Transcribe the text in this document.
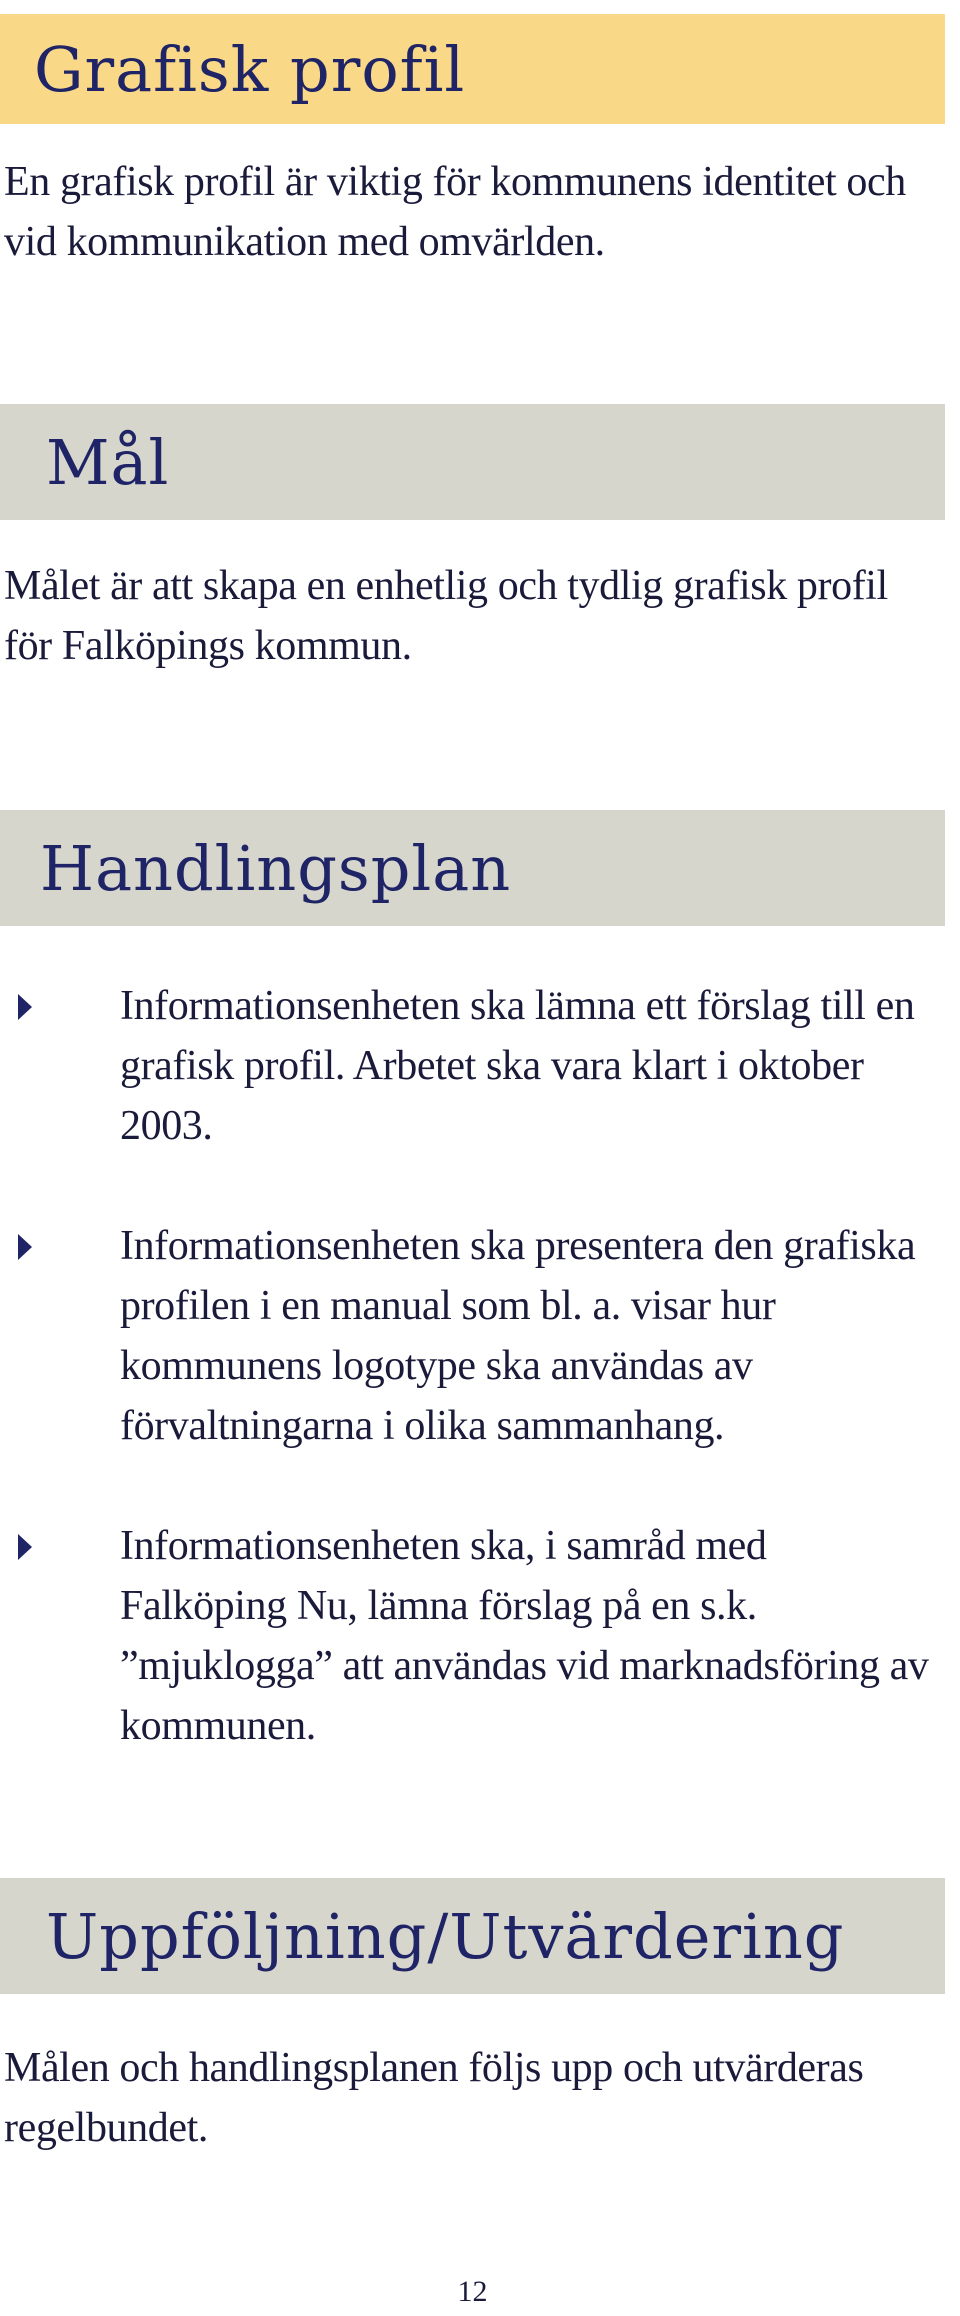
Grafisk profil

En grafisk profil är viktig för kommunens identitet och vid kommunikation med omvärlden.

Mål

Målet är att skapa en enhetlig och tydlig grafisk profil för Falköpings kommun.

Handlingsplan

Informationsenheten ska lämna ett förslag till en grafisk profil. Arbetet ska vara klart i oktober 2003.

Informationsenheten ska presentera den grafiska profilen i en manual som bl. a. visar hur kommunens logotype ska användas av förvaltningarna i olika sammanhang.

Informationsenheten ska, i samråd med Falköping Nu, lämna förslag på en s.k. ”mjuklogga” att användas vid marknadsföring av kommunen.

Uppföljning/Utvärdering

Målen och handlingsplanen följs upp och utvärderas regelbundet.

12
